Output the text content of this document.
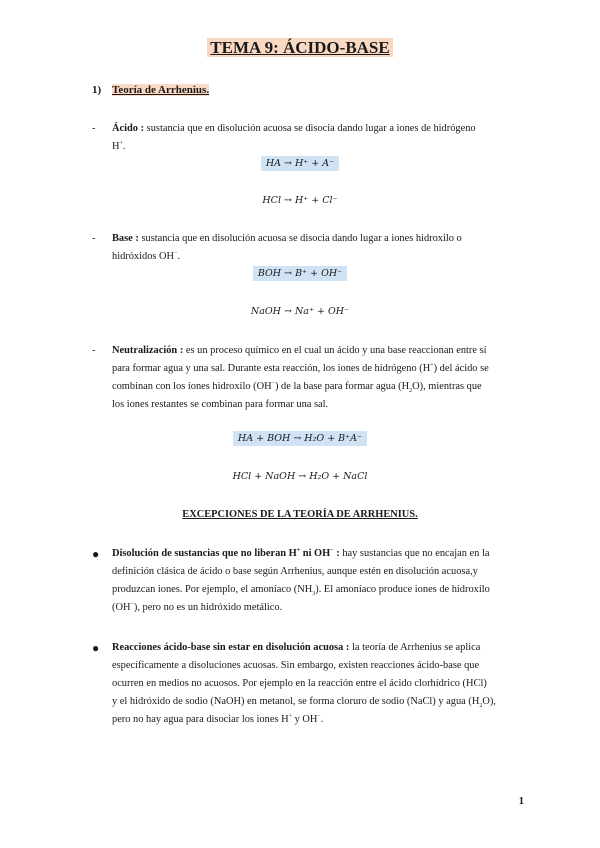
TEMA 9: ÁCIDO-BASE
1) Teoría de Arrhenius.
- Ácido : sustancia que en disolución acuosa se disocia dando lugar a iones de hidrógeno
H+.
HA → H⁺ + A⁻
HCl → H⁺ + Cl⁻
- Base : sustancia que en disolución acuosa se disocia dando lugar a iones hidroxilo o
hidróxidos OH−.
BOH → B⁺ + OH⁻
NaOH → Na⁺ + OH⁻
- Neutralización : es un proceso químico en el cual un ácido y una base reaccionan entre sí
para formar agua y una sal. Durante esta reacción, los iones de hidrógeno (H+) del ácido se
combinan con los iones hidroxilo (OH−) de la base para formar agua $(H_2O)$, mientras que
los iones restantes se combinan para formar una sal.
HA + BOH → H₂O + B⁺A⁻
HCl + NaOH → H₂O + NaCl
EXCEPCIONES DE LA TEORÍA DE ARRHENIUS.
● Disolución de sustancias que no liberan H+ ni OH− : hay sustancias que no encajan en la
definición clásica de ácido o base según Arrhenius, aunque estén en disolución acuosa,y
produzcan iones. Por ejemplo, el amoníaco $(NH_3)$. El amoníaco produce iones de hidroxilo
(OH−), pero no es un hidróxido metálico.
● Reacciones ácido-base sin estar en disolución acuosa : la teoría de Arrhenius se aplica
específicamente a disoluciones acuosas. Sin embargo, existen reacciones ácido-base que
ocurren en medios no acuosos. Por ejemplo en la reacción entre el ácido clorhídrico (HCl)
y el hidróxido de sodio (NaOH) en metanol, se forma cloruro de sodio (NaCl) y agua $(H_2O)$,
pero no hay agua para disociar los iones H+ y OH−.
1
